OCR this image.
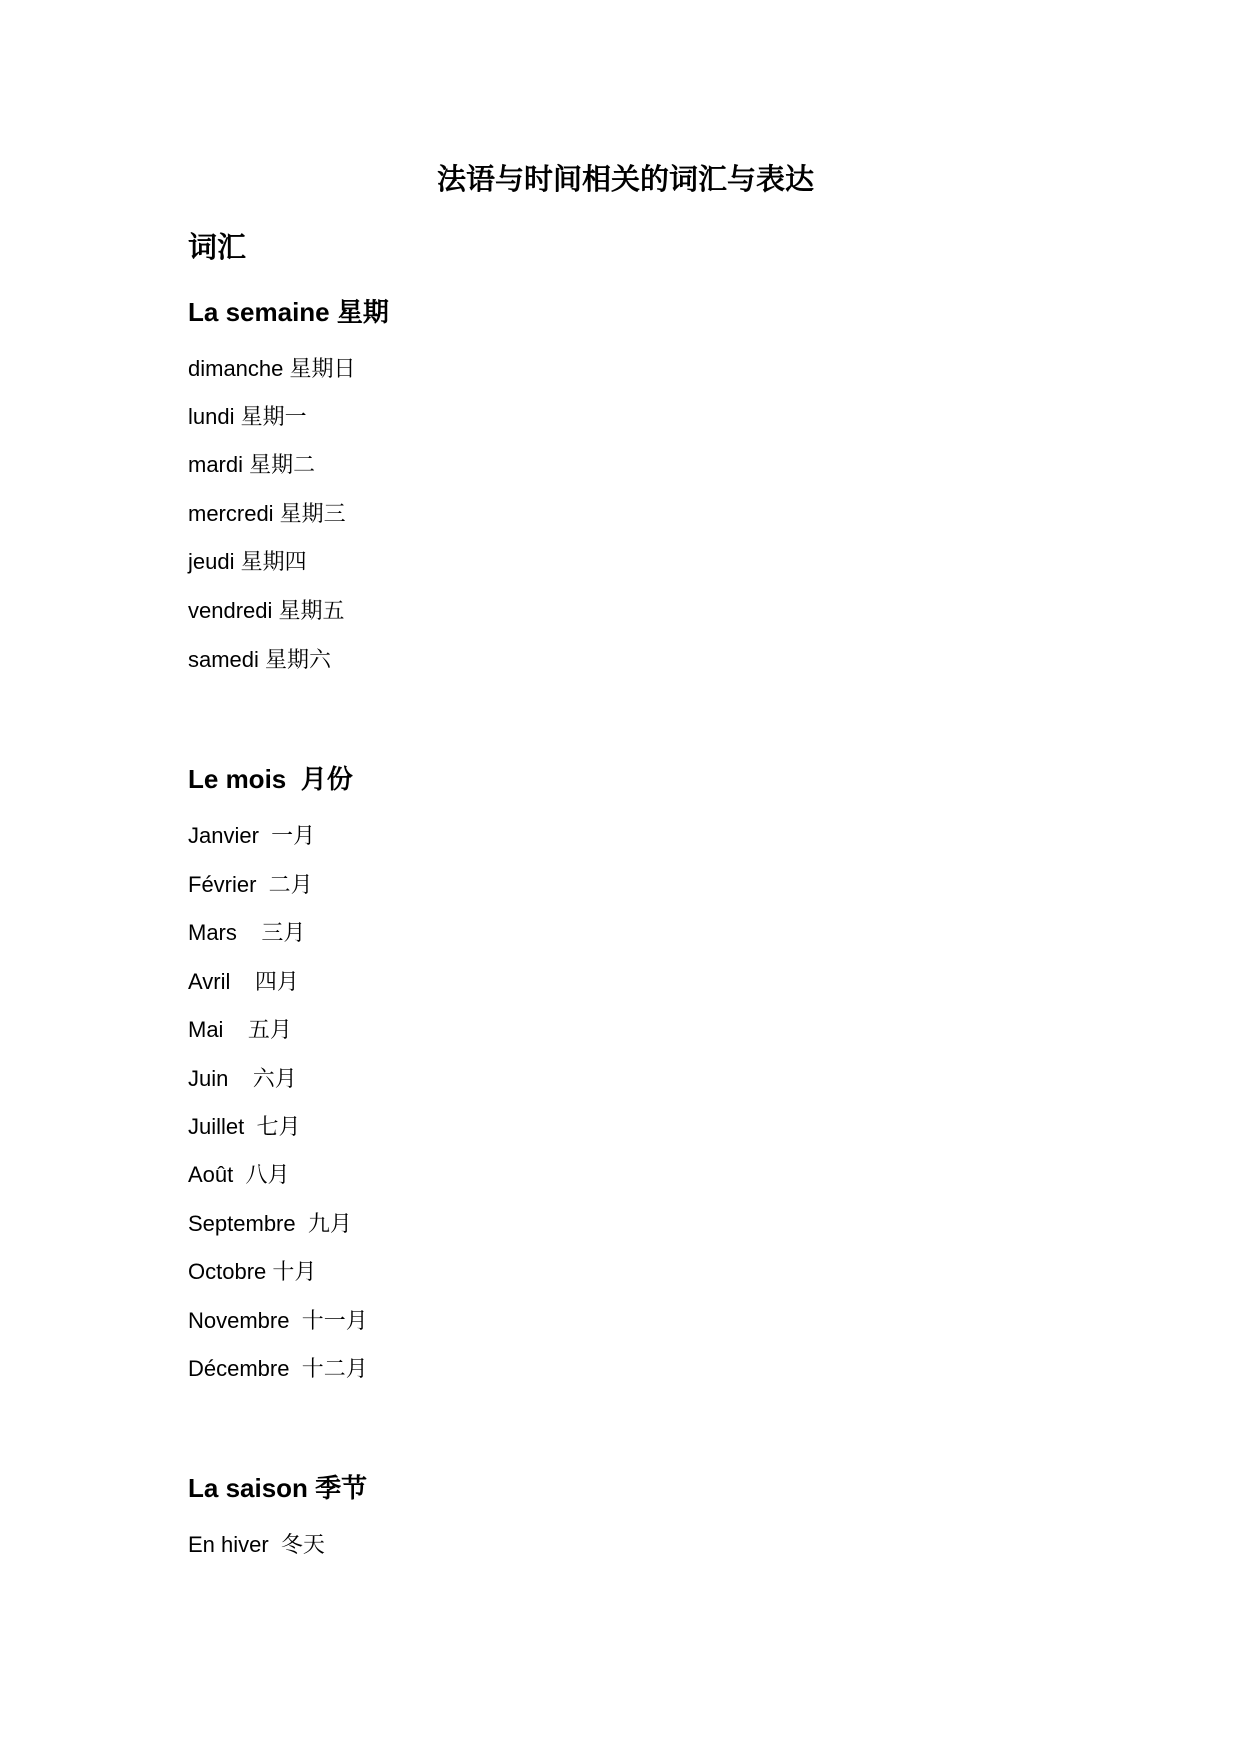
法语与时间相关的词汇与表达
词汇
La semaine 星期
dimanche 星期日
lundi 星期一
mardi 星期二
mercredi 星期三
jeudi 星期四
vendredi 星期五
samedi 星期六
Le mois  月份
Janvier  一月
Février  二月
Mars    三月
Avril    四月
Mai    五月
Juin    六月
Juillet  七月
Août  八月
Septembre  九月
Octobre 十月
Novembre  十一月
Décembre  十二月
La saison 季节
En hiver  冬天
